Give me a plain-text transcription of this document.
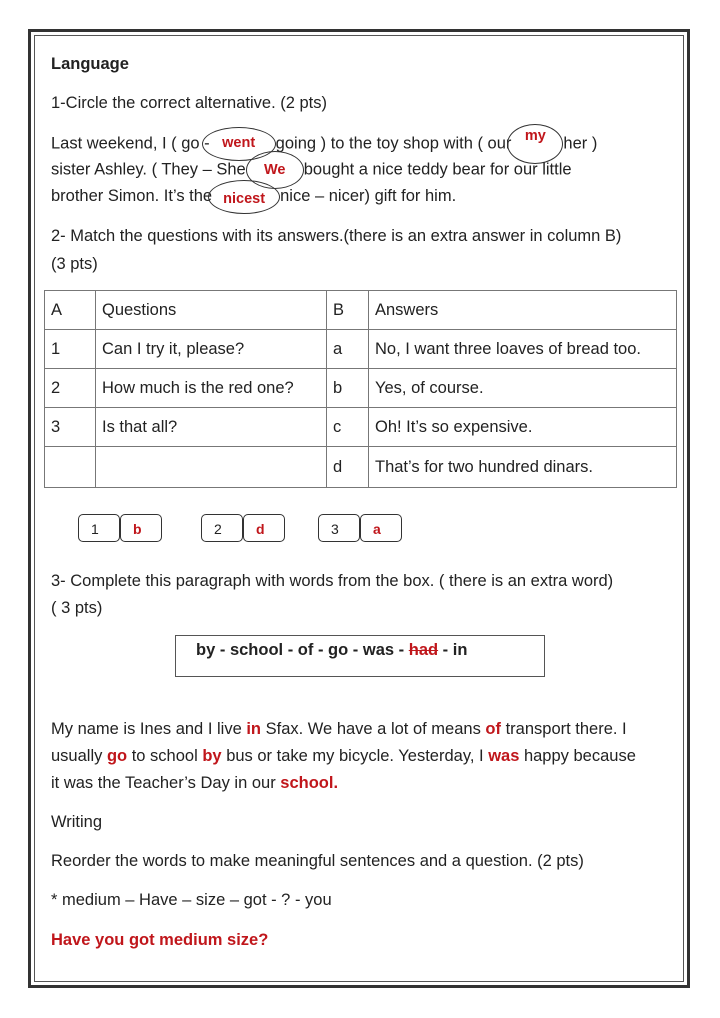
Language
1-Circle the correct alternative. (2 pts)
Last weekend, I ( go - went going ) to the toy shop with ( our my her )
sister Ashley. ( They – She We bought a nice teddy bear for our little
brother Simon. It’s the nicest nice – nicer) gift for him.
2- Match the questions with its answers.(there is an extra answer in column B)
(3 pts)
A	Questions	B	Answers
1	Can I try it, please?	a	No, I want three loaves of bread too.
2	How much is the red one?	b	Yes, of course.
3	Is that all?	c	Oh! It’s so expensive.
		d	That’s for two hundred dinars.
1	b	2	d	3	a
3- Complete this paragraph with words from the box. ( there is an extra word)
( 3 pts)
by - school - of - go - was - had - in
My name is Ines and I live in Sfax. We have a lot of means of transport there. I
usually go to school by bus or take my bicycle. Yesterday, I was happy because
it was the Teacher’s Day in our school.
Writing
Reorder the words to make meaningful sentences and a question. (2 pts)
* medium – Have – size – got - ? - you
Have you got medium size?
